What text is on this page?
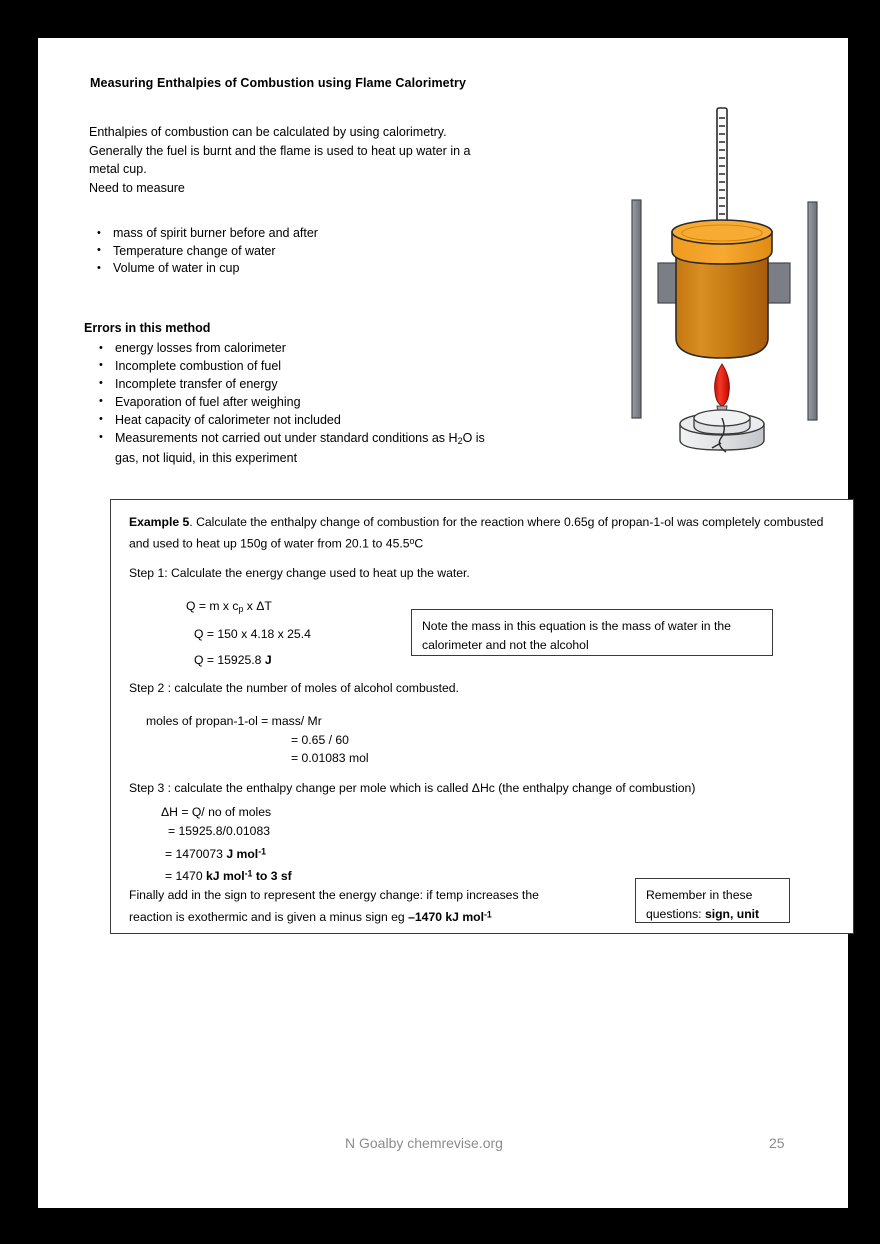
Measuring Enthalpies of Combustion using Flame Calorimetry
Enthalpies of combustion can be calculated by using calorimetry.
Generally the fuel is burnt and the flame is used to heat up water in a
metal cup.
Need to measure
• mass of spirit burner before and after
• Temperature change of water
• Volume of water in cup
Errors in this method
• energy losses from calorimeter
• Incomplete combustion of fuel
• Incomplete transfer of energy
• Evaporation of fuel after weighing
• Heat capacity of calorimeter not included
• Measurements not carried out under standard conditions as $H_2O$ is
gas, not liquid, in this experiment
Example 5. Calculate the enthalpy change of combustion for the reaction where 0.65g of propan-1-ol was completely combusted and used to heat up 150g of water from 20.1 to 45.5$^o$C
Step 1: Calculate the energy change used to heat up the water.
Q = m x $c_p$ x ΔT
Q = 150 x 4.18 x 25.4
Q = 15925.8 J
Step 2 : calculate the number of moles of alcohol combusted.
moles of propan-1-ol = mass/ Mr
= 0.65 / 60
= 0.01083 mol
Step 3 : calculate the enthalpy change per mole which is called ΔHc (the enthalpy change of combustion)
ΔH = Q/ no of moles
= 15925.8/0.01083
= 1470073 J mol$^{-1}$
= 1470 kJ mol$^{-1}$ to 3 sf
Finally add in the sign to represent the energy change: if temp increases the
reaction is exothermic and is given a minus sign eg –1470 kJ mol$^{-1}$
Note the mass in this equation is the mass of water in the calorimeter and not the alcohol
Remember in these
questions: sign, unit
N Goalby chemrevise.org	25
